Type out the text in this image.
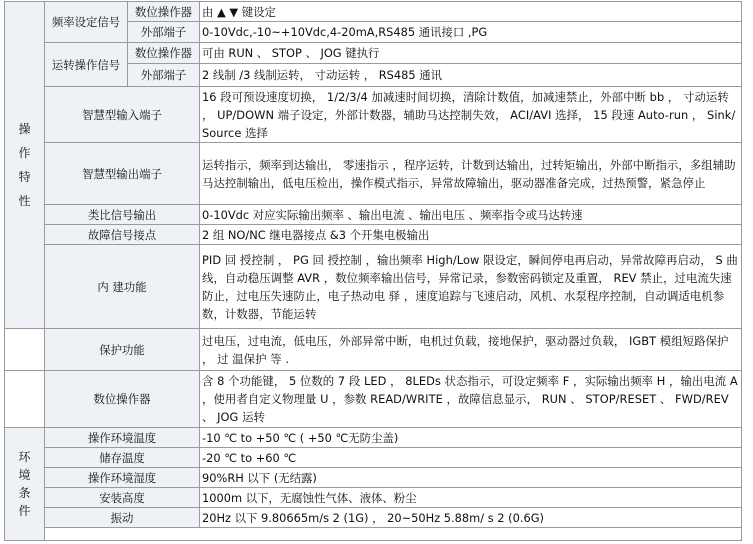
操作特性	频率设定信号	数位操作器	由 ▲ ▼ 键设定
		外部端子	0-10Vdc,-10~+10Vdc,4-20mA,RS485 通讯接口 ,PG
	运转操作信号	数位操作器	可由 RUN 、 STOP 、 JOG 键执行
		外部端子	2 线制 /3 线制运转， 寸动运转 ， RS485 通讯
	智慧型输入端子		16 段可预设速度切换， 1/2/3/4 加减速时间切换，清除计数值，加减速禁止，外部中断 bb ， 寸动运转 ， UP/DOWN 端子设定，外部计数器，辅助马达控制失效， ACI/AVI 选择， 15 段速 Auto-run ， Sink/Source 选择
	智慧型输出端子		运转指示，频率到达输出， 零速指示 ，程序运转，计数到达输出，过转矩输出，外部中断指示，多组辅助马达控制输出，低电压检出，操作模式指示，异常故障输出，驱动器准备完成，过热预警，紧急停止
	类比信号输出		0-10Vdc 对应实际输出频率 、输出电流 、输出电压 、频率指令或马达转速
	故障信号接点		2 组 NO/NC 继电器接点 &3 个开集电极输出
	内 建功能		PID 回 授控制 ， PG 回 授控制 ，输出频率 High/Low 限设定，瞬间停电再启动，异常故障再启动， S 曲线，自动稳压调整 AVR ，数位频率输出信号，异常记录，参数密码锁定及重置， REV 禁止，过电流失速防止，过电压失速防止，电子热动电 驿 ，速度追踪与飞速启动，风机、水泵程序控制，自动调适电机参数，计数器，节能运转
	保护功能		过电压，过电流，低电压，外部异常中断，电机过负载，接地保护，驱动器过负载， IGBT 模组短路保护 ， 过 温保护 等 .
	数位操作器		含 8 个功能键， 5 位数的 7 段 LED ， 8LEDs 状态指示，可设定频率 F ，实际输出频率 H ，输出电流 A ，使用者自定义物理量 U ，参数 READ/WRITE ，故障信息显示， RUN 、 STOP/RESET 、 FWD/REV 、 JOG 运转
环境条件	操作环境温度		-10 ℃ to +50 ℃ ( +50 ℃无防尘盖)
	储存温度		-20 ℃ to +60 ℃
	操作环境湿度		90%RH 以下 (无结露)
	安装高度		1000m 以下，无腐蚀性气体、液体、粉尘
	振动		20Hz 以下 9.80665m/s 2 (1G) ， 20~50Hz 5.88m/ s 2 (0.6G)
